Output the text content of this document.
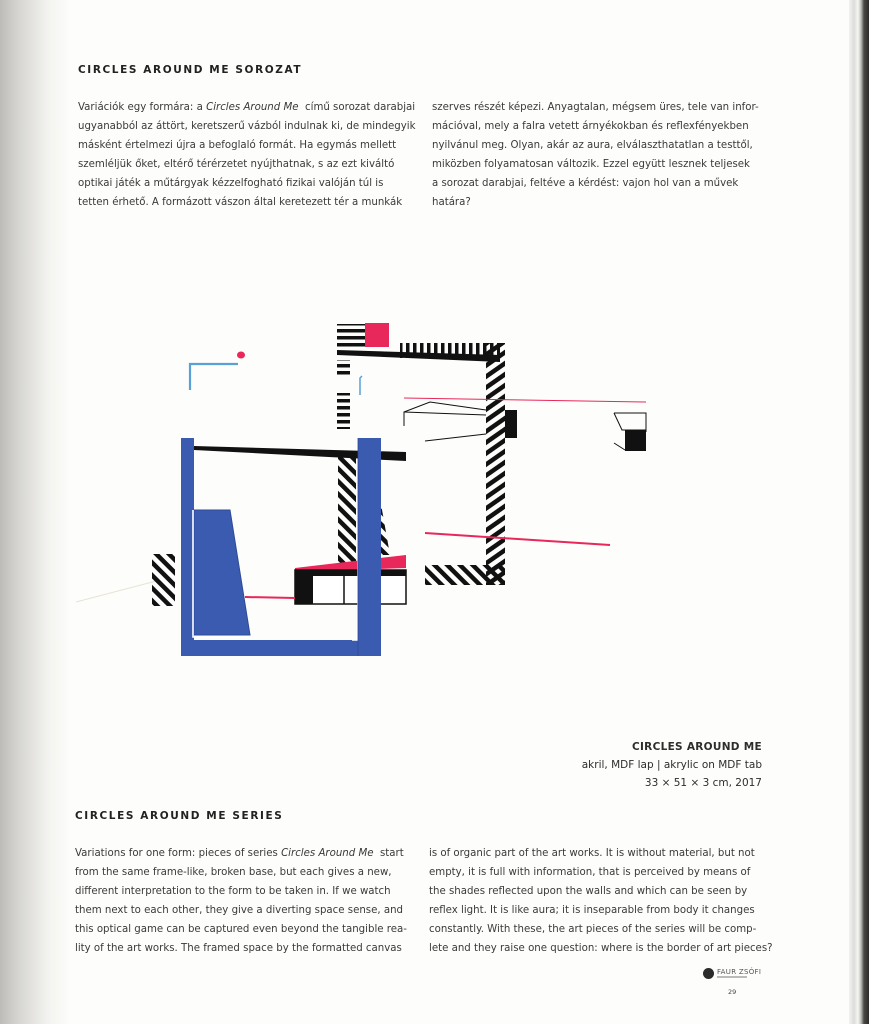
CIRCLES AROUND ME SOROZAT
Variációk egy formára: a Circles Around Me  című sorozat darabjai
ugyanabból az áttört, keretszerű vázból indulnak ki, de mindegyik
másként értelmezi újra a befoglaló formát. Ha egymás mellett
szemléljük őket, eltérő térérzetet nyújthatnak, s az ezt kiváltó
optikai játék a műtárgyak kézzelfogható fizikai valóján túl is
tetten érhető. A formázott vászon által keretezett tér a munkák
szerves részét képezi. Anyagtalan, mégsem üres, tele van infor-
mációval, mely a falra vetett árnyékokban és reflexfényekben
nyilvánul meg. Olyan, akár az aura, elválaszthatatlan a testtől,
miközben folyamatosan változik. Ezzel együtt lesznek teljesek
a sorozat darabjai, feltéve a kérdést: vajon hol van a művek
határa?
CIRCLES AROUND ME
akril, MDF lap | akrylic on MDF tab
33 × 51 × 3 cm, 2017
CIRCLES AROUND ME SERIES
Variations for one form: pieces of series Circles Around Me  start
from the same frame-like, broken base, but each gives a new,
different interpretation to the form to be taken in. If we watch
them next to each other, they give a diverting space sense, and
this optical game can be captured even beyond the tangible rea-
lity of the art works. The framed space by the formatted canvas
is of organic part of the art works. It is without material, but not
empty, it is full with information, that is perceived by means of
the shades reflected upon the walls and which can be seen by
reflex light. It is like aura; it is inseparable from body it changes
constantly. With these, the art pieces of the series will be comp-
lete and they raise one question: where is the border of art pieces?
FAUR ZSÓFI
29
